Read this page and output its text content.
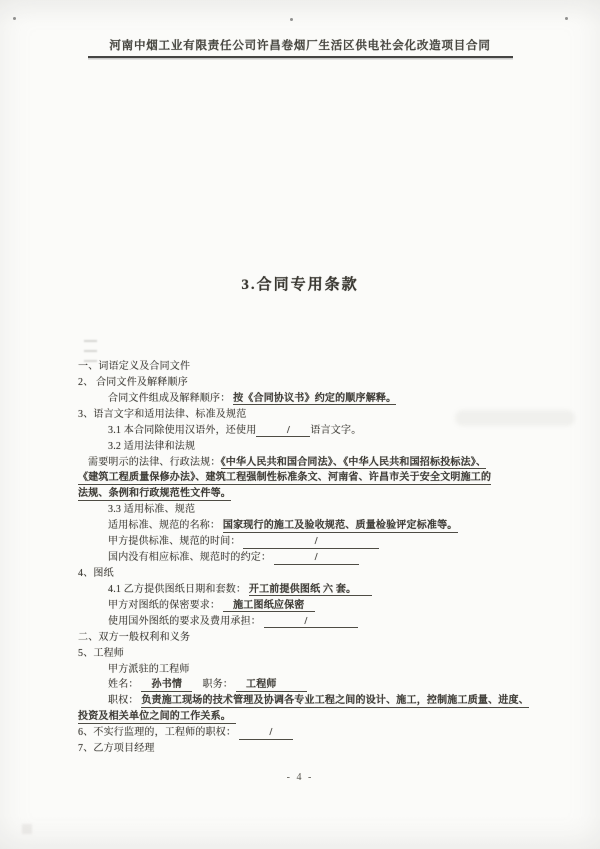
河南中烟工业有限责任公司许昌卷烟厂生活区供电社会化改造项目合同
3.合同专用条款
一、词语定义及合同文件
2、 合同文件及解释顺序
合同文件组成及解释顺序： 按《合同协议书》约定的顺序解释。
3、语言文字和适用法律、标准及规范
3.1 本合同除使用汉语外，还使用　　　/　　语言文字。
3.2 适用法律和法规
需要明示的法律、行政法规：《中华人民共和国合同法》、《中华人民共和国招标投标法》、
《建筑工程质量保修办法》、建筑工程强制性标准条文、河南省、许昌市关于安全文明施工的
法规、条例和行政规范性文件等。
3.3 适用标准、规范
适用标准、规范的名称： 国家现行的施工及验收规范、质量检验评定标准等。
甲方提供标准、规范的时间： 　　　　　　　/　　　　　　
国内没有相应标准、规范时的约定： 　　　　/　　　　
4、图纸
4.1 乙方提供图纸日期和套数： 开工前提供图纸 六 套。　　
甲方对图纸的保密要求： 　施工图纸应保密　
使用国外图纸的要求及费用承担： 　　　　/　　　　　
二、双方一般权利和义务
5、工程师
甲方派驻的工程师
姓名： 　孙书情　　职务： 　工程师　　　
职权： 负责施工现场的技术管理及协调各专业工程之间的设计、施工，控制施工质量、进度、
投资及相关单位之间的工作关系。　
6、不实行监理的，工程师的职权： 　　　/　　
7、乙方项目经理
- 4 -
